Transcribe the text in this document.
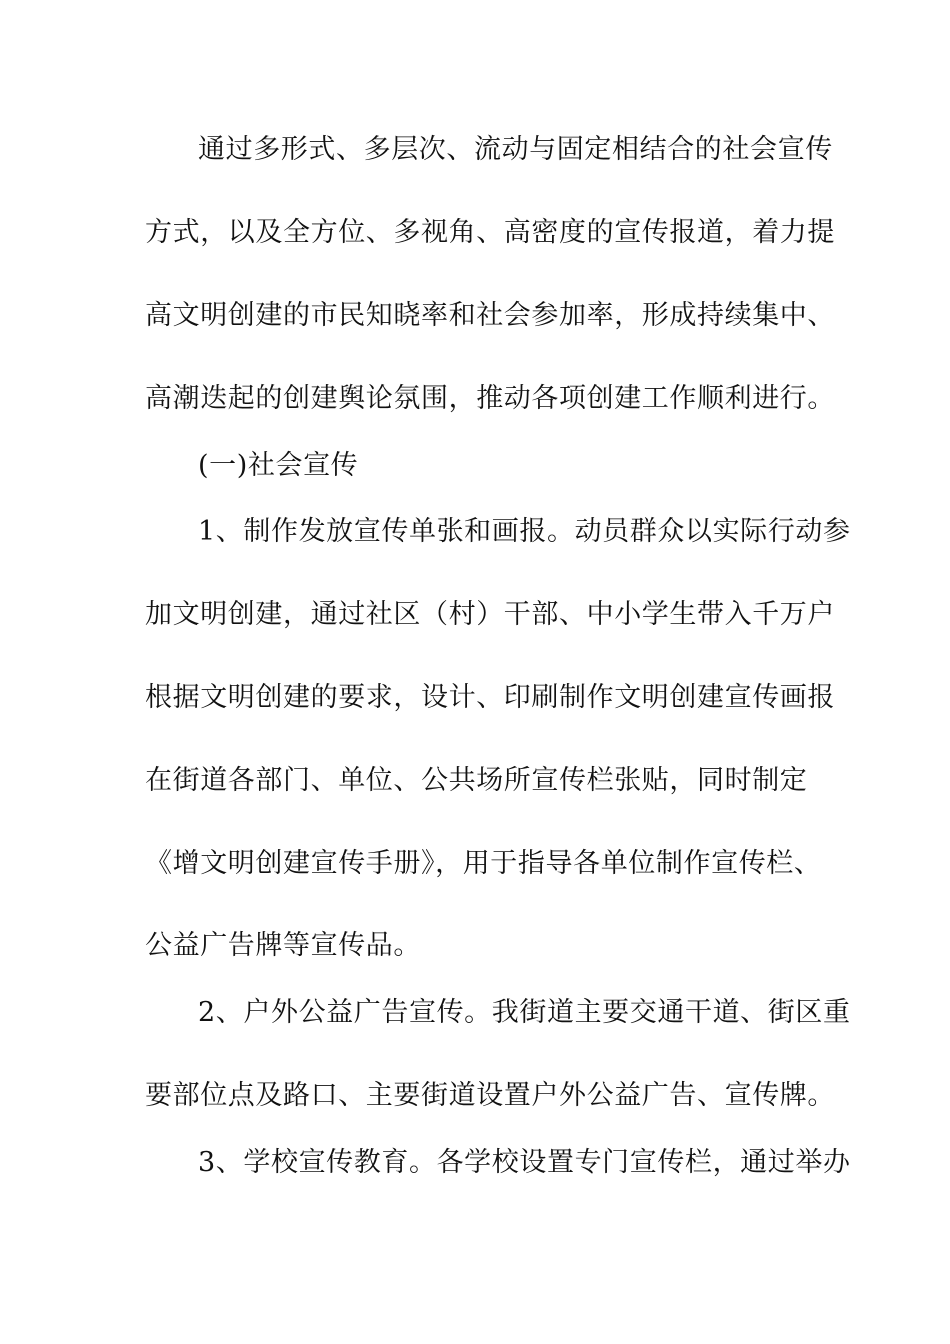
通过多形式、多层次、流动与固定相结合的社会宣传
方式，以及全方位、多视角、高密度的宣传报道，着力提
高文明创建的市民知晓率和社会参加率，形成持续集中、
高潮迭起的创建舆论氛围，推动各项创建工作顺利进行。
(一)社会宣传
1、制作发放宣传单张和画报。动员群众以实际行动参
加文明创建，通过社区（村）干部、中小学生带入千万户
根据文明创建的要求，设计、印刷制作文明创建宣传画报
在街道各部门、单位、公共场所宣传栏张贴，同时制定
《增文明创建宣传手册》，用于指导各单位制作宣传栏、
公益广告牌等宣传品。
2、户外公益广告宣传。我街道主要交通干道、街区重
要部位点及路口、主要街道设置户外公益广告、宣传牌。
3、学校宣传教育。各学校设置专门宣传栏，通过举办
